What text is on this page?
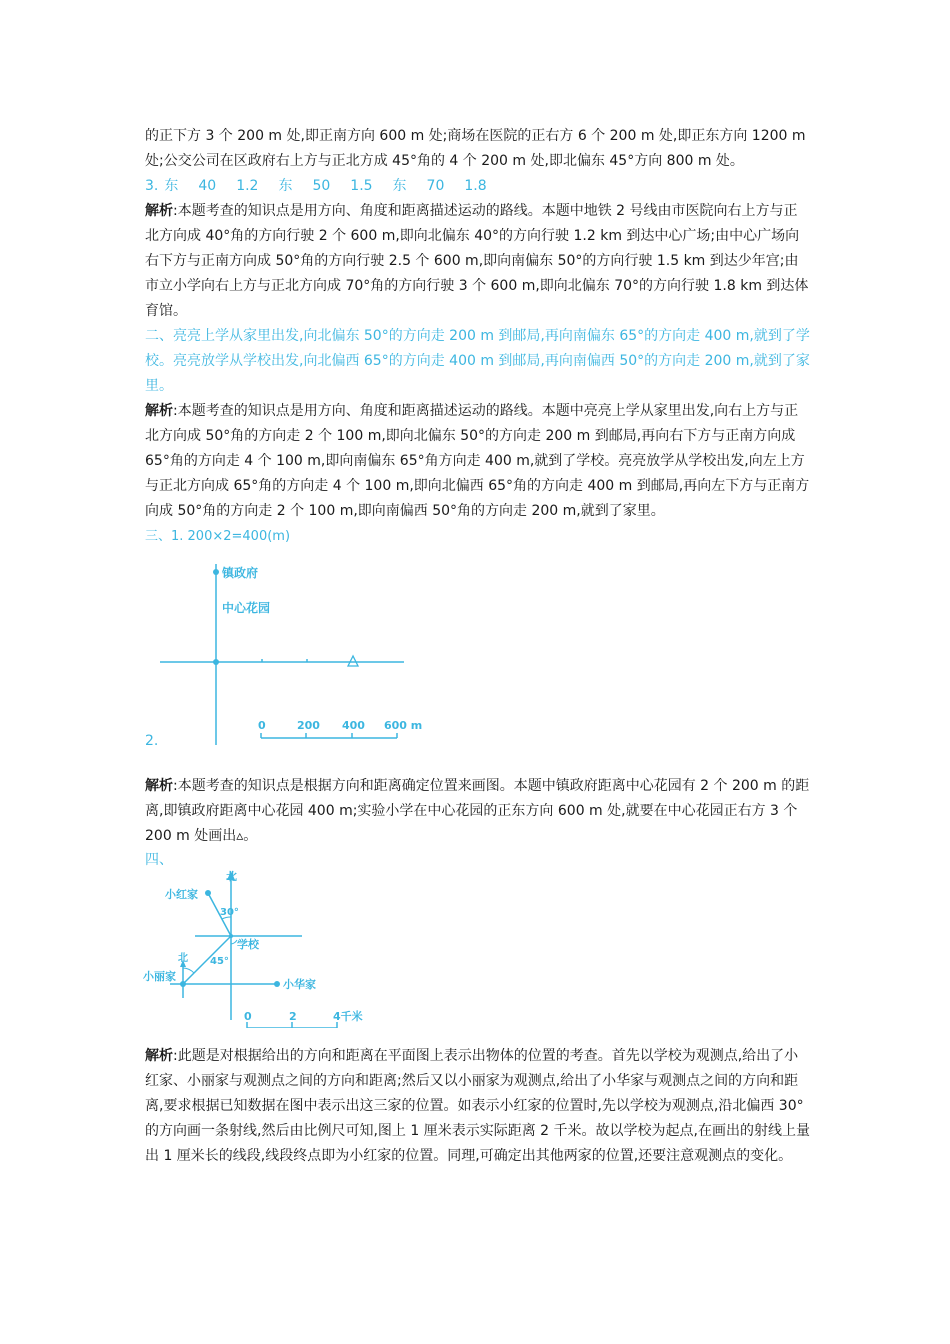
的正下方 3 个 200 m 处,即正南方向 600 m 处;商场在医院的正右方 6 个 200 m 处,即正东方向 1200 m 处;公交公司在区政府右上方与正北方成 45°角的 4 个 200 m 处,即北偏东 45°方向 800 m 处。

3. 东 40 1.2 东 50 1.5 东 70 1.8

解析:本题考查的知识点是用方向、角度和距离描述运动的路线。本题中地铁 2 号线由市医院向右上方与正北方向成 40°角的方向行驶 2 个 600 m,即向北偏东 40°的方向行驶 1.2 km 到达中心广场;由中心广场向右下方与正南方向成 50°角的方向行驶 2.5 个 600 m,即向南偏东 50°的方向行驶 1.5 km 到达少年宫;由市立小学向右上方与正北方向成 70°角的方向行驶 3 个 600 m,即向北偏东 70°的方向行驶 1.8 km 到达体育馆。

二、亮亮上学从家里出发,向北偏东 50°的方向走 200 m 到邮局,再向南偏东 65°的方向走 400 m,就到了学校。亮亮放学从学校出发,向北偏西 65°的方向走 400 m 到邮局,再向南偏西 50°的方向走 200 m,就到了家里。

解析:本题考查的知识点是用方向、角度和距离描述运动的路线。本题中亮亮上学从家里出发,向右上方与正北方向成 50°角的方向走 2 个 100 m,即向北偏东 50°的方向走 200 m 到邮局,再向右下方与正南方向成 65°角的方向走 4 个 100 m,即向南偏东 65°角方向走 400 m,就到了学校。亮亮放学从学校出发,向左上方与正北方向成 65°角的方向走 4 个 100 m,即向北偏西 65°角的方向走 400 m 到邮局,再向左下方与正南方向成 50°角的方向走 2 个 100 m,即向南偏西 50°角的方向走 200 m,就到了家里。

三、1. 200×2=400(m)

2.

镇政府
中心花园
0	200 400 600 m

解析:本题考查的知识点是根据方向和距离确定位置来画图。本题中镇政府距离中心花园有 2 个 200 m 的距离,即镇政府距离中心花园 400 m;实验小学在中心花园的正东方向 600 m 处,就要在中心花园正右方 3 个 200 m 处画出▵。

四、

北
小红家
30°
学校
北 45°
小丽家
小华家
0	2	4千米

解析:此题是对根据给出的方向和距离在平面图上表示出物体的位置的考查。首先以学校为观测点,给出了小红家、小丽家与观测点之间的方向和距离;然后又以小丽家为观测点,给出了小华家与观测点之间的方向和距离,要求根据已知数据在图中表示出这三家的位置。如表示小红家的位置时,先以学校为观测点,沿北偏西 30°的方向画一条射线,然后由比例尺可知,图上 1 厘米表示实际距离 2 千米。故以学校为起点,在画出的射线上量出 1 厘米长的线段,线段终点即为小红家的位置。同理,可确定出其他两家的位置,还要注意观测点的变化。
